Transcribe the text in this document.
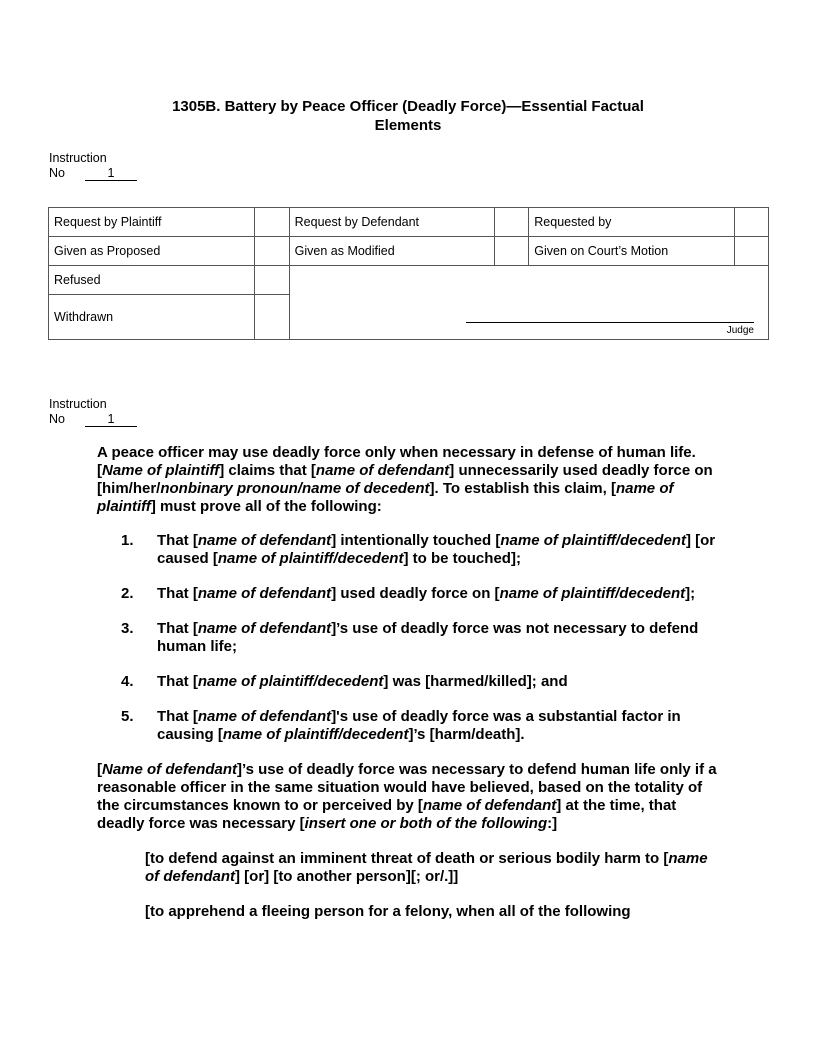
1305B. Battery by Peace Officer (Deadly Force)—Essential Factual
Elements
Instruction
No	1
Request by Plaintiff		Request by Defendant		Requested by	
Given as Proposed		Given as Modified		Given on Court’s Motion	
Refused		Judge			

Withdrawn					
Instruction
No	1

A peace officer may use deadly force only when necessary in defense of human life. [Name of plaintiff] claims that [name of defendant] unnecessarily used deadly force on [him/her/nonbinary pronoun/name of decedent]. To establish this claim, [name of plaintiff] must prove all of the following:

1. That [name of defendant] intentionally touched [name of plaintiff/decedent] [or caused [name of plaintiff/decedent] to be touched];
2. That [name of defendant] used deadly force on [name of plaintiff/decedent];
3. That [name of defendant]’s use of deadly force was not necessary to defend human life;
4. That [name of plaintiff/decedent] was [harmed/killed]; and
5. That [name of defendant]'s use of deadly force was a substantial factor in causing [name of plaintiff/decedent]’s [harm/death].

[Name of defendant]’s use of deadly force was necessary to defend human life only if a reasonable officer in the same situation would have believed, based on the totality of the circumstances known to or perceived by [name of defendant] at the time, that deadly force was necessary [insert one or both of the following:]

[to defend against an imminent threat of death or serious bodily harm to [name of defendant] [or] [to another person][; or/.]]

[to apprehend a fleeing person for a felony, when all of the following
